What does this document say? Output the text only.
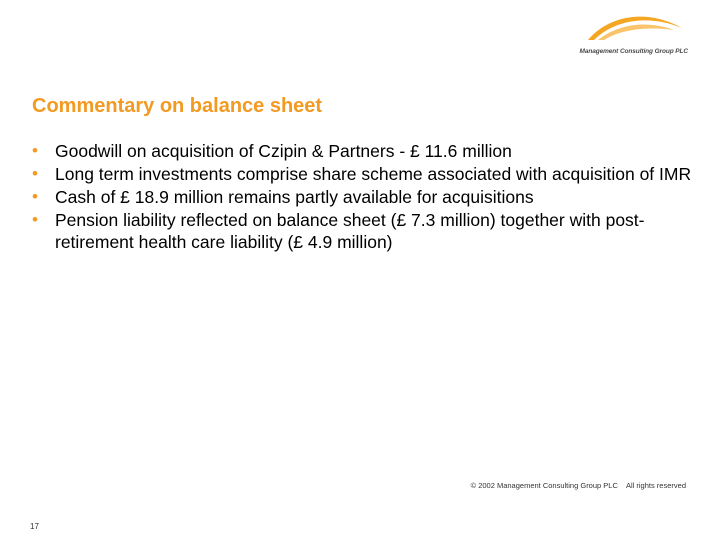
Management Consulting Group PLC
Commentary on balance sheet
• Goodwill on acquisition of Czipin & Partners - £ 11.6 million
• Long term investments comprise share scheme associated with acquisition of IMR
• Cash of £ 18.9 million remains partly available for acquisitions
• Pension liability reflected on balance sheet (£ 7.3 million) together with post-retirement health care liability (£ 4.9 million)
© 2002 Management Consulting Group PLC All rights reserved
17
